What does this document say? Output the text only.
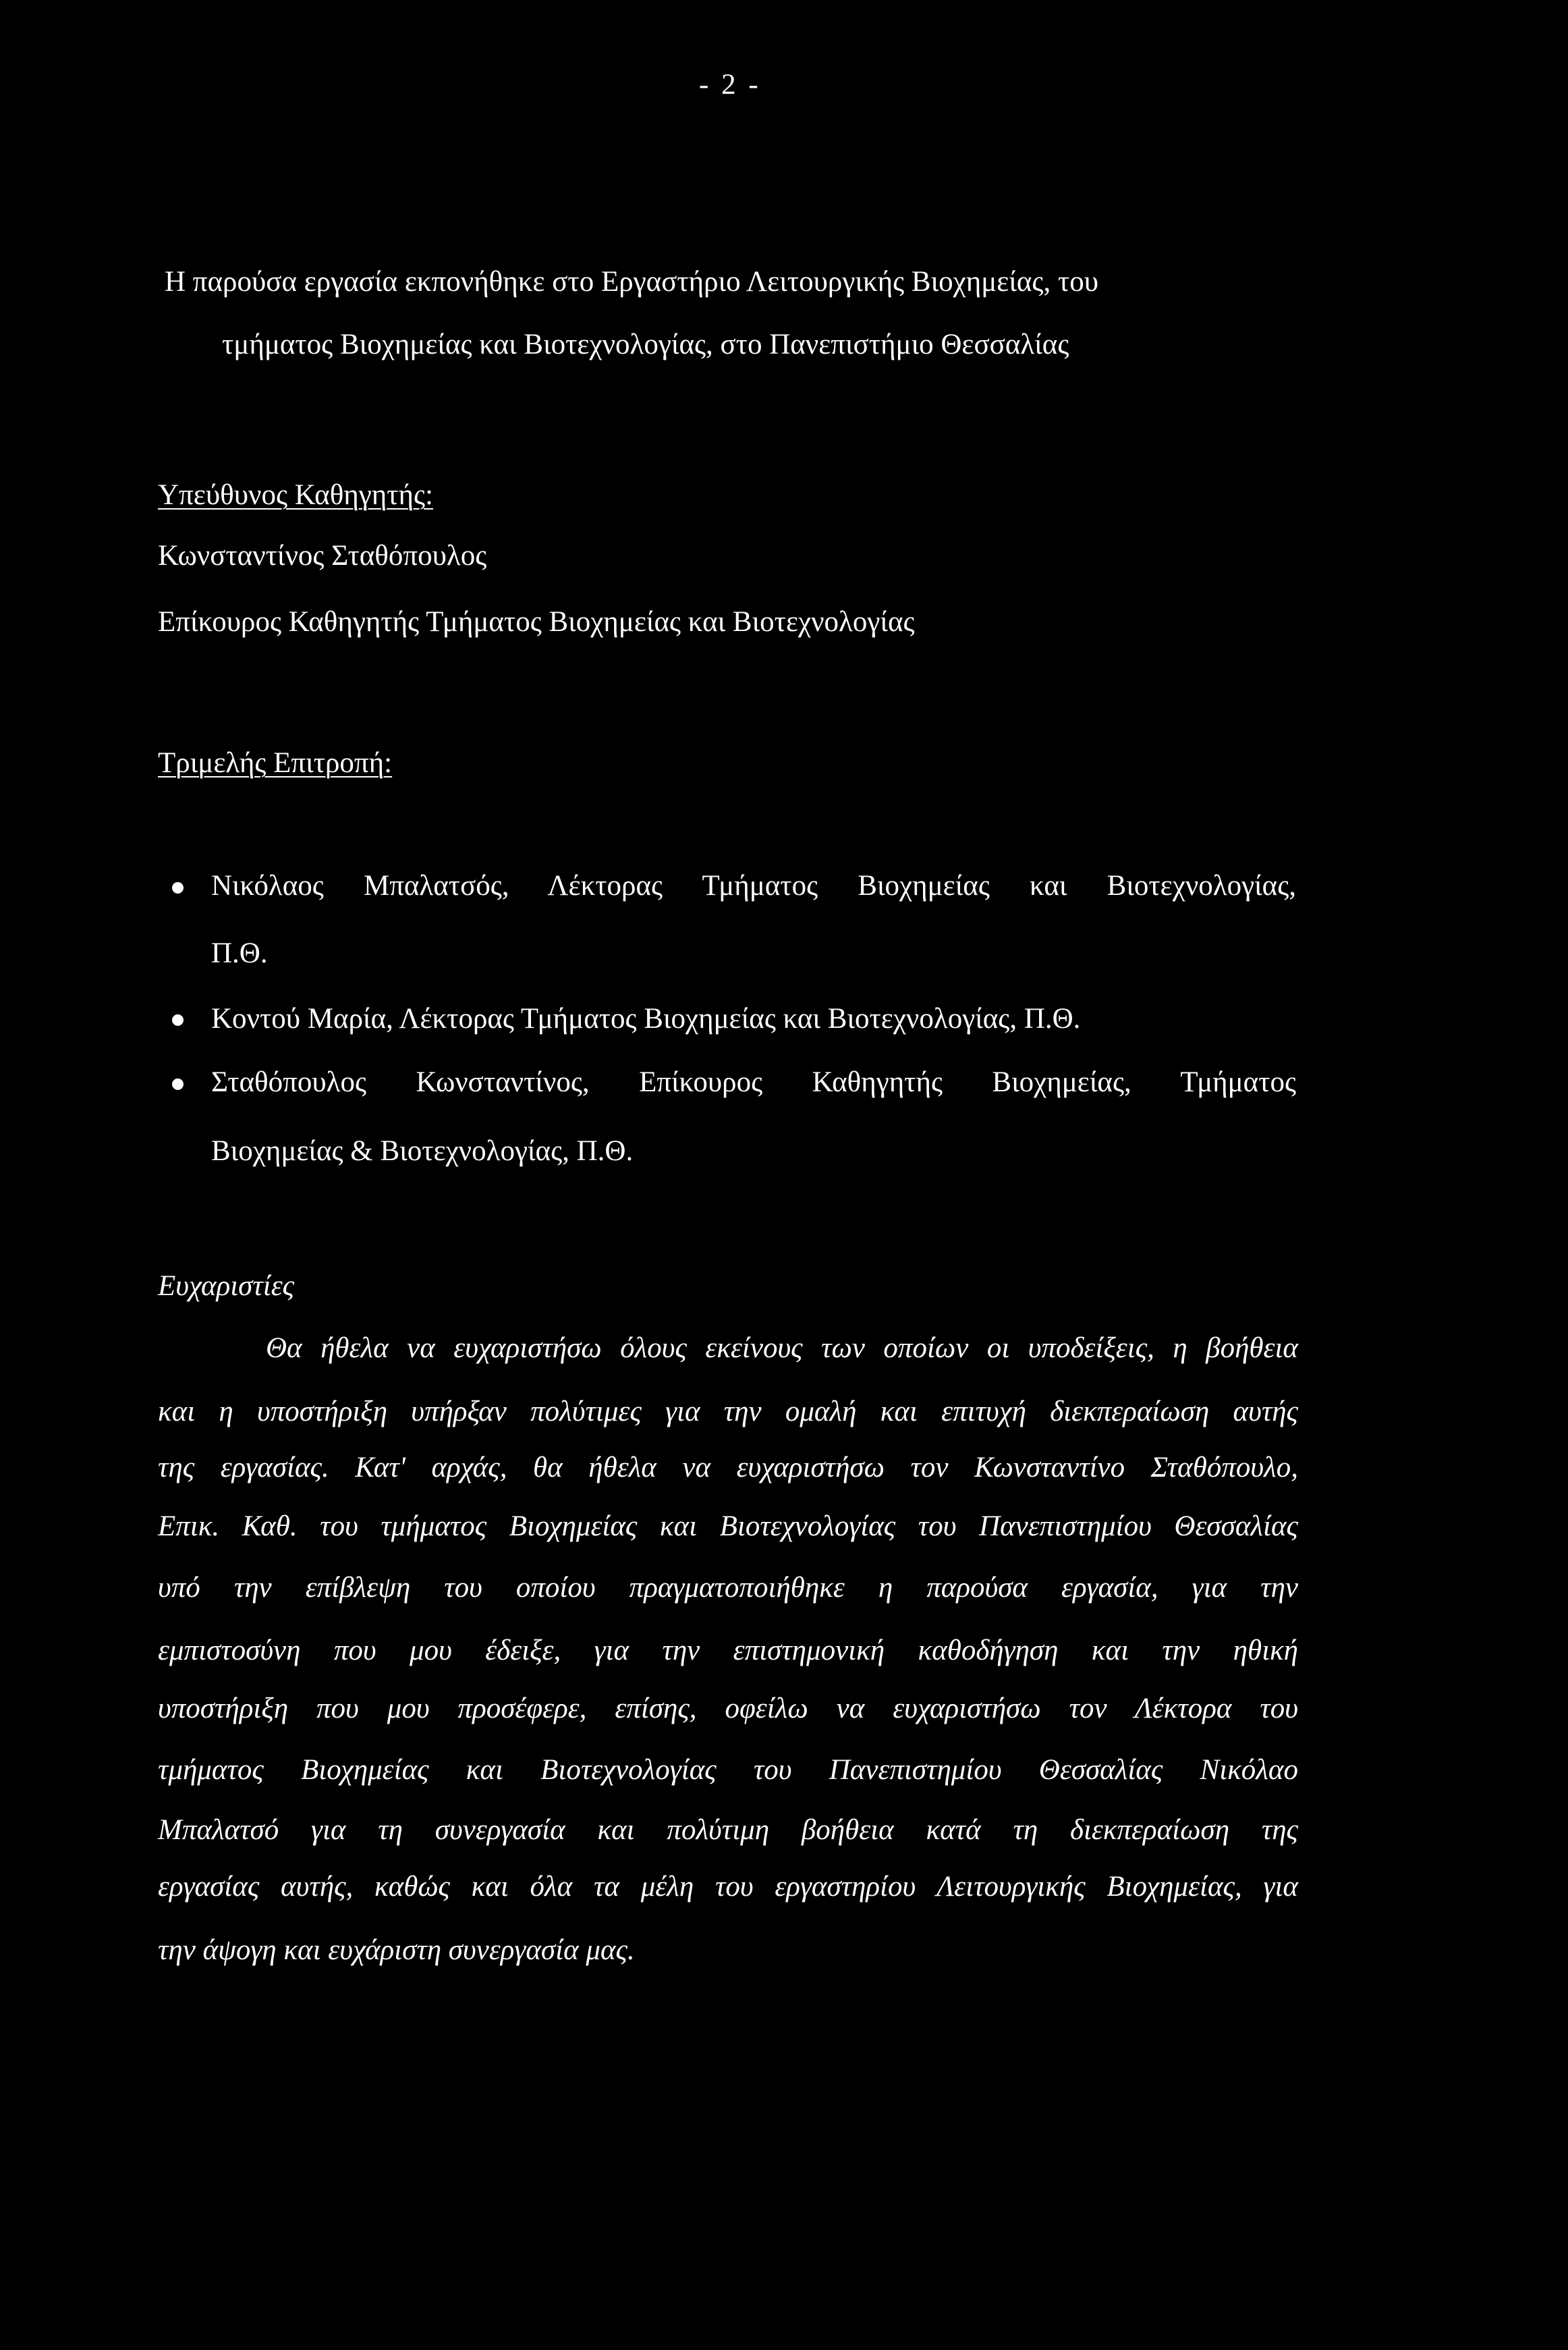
- 2 -

Η παρούσα εργασία εκπονήθηκε στο Εργαστήριο Λειτουργικής Βιοχημείας, του

τμήματος Βιοχημείας και Βιοτεχνολογίας, στο Πανεπιστήμιο Θεσσαλίας

Υπεύθυνος Καθηγητής:

Κωνσταντίνος Σταθόπουλος

Επίκουρος Καθηγητής Τμήματος Βιοχημείας και Βιοτεχνολογίας

Τριμελής Επιτροπή:

Νικόλαος Μπαλατσός, Λέκτορας Τμήματος Βιοχημείας και Βιοτεχνολογίας,

Π.Θ.

Κοντού Μαρία, Λέκτορας Τμήματος Βιοχημείας και Βιοτεχνολογίας, Π.Θ.

Σταθόπουλος Κωνσταντίνος, Επίκουρος Καθηγητής Βιοχημείας, Τμήματος

Βιοχημείας & Βιοτεχνολογίας, Π.Θ.

Ευχαριστίες

Θα ήθελα να ευχαριστήσω όλους εκείνους των οποίων οι υποδείξεις, η βοήθεια

και η υποστήριξη υπήρξαν πολύτιμες για την ομαλή και επιτυχή διεκπεραίωση αυτής

της εργασίας. Κατ' αρχάς, θα ήθελα να ευχαριστήσω τον Κωνσταντίνο Σταθόπουλο,

Επικ. Καθ. του τμήματος Βιοχημείας και Βιοτεχνολογίας του Πανεπιστημίου Θεσσαλίας

υπό την επίβλεψη του οποίου πραγματοποιήθηκε η παρούσα εργασία, για την

εμπιστοσύνη που μου έδειξε, για την επιστημονική καθοδήγηση και την ηθική

υποστήριξη που μου προσέφερε, επίσης, οφείλω να ευχαριστήσω τον Λέκτορα του

τμήματος Βιοχημείας και Βιοτεχνολογίας του Πανεπιστημίου Θεσσαλίας Νικόλαο

Μπαλατσό για τη συνεργασία και πολύτιμη βοήθεια κατά τη διεκπεραίωση της

εργασίας αυτής, καθώς και όλα τα μέλη του εργαστηρίου Λειτουργικής Βιοχημείας, για

την άψογη και ευχάριστη συνεργασία μας.
